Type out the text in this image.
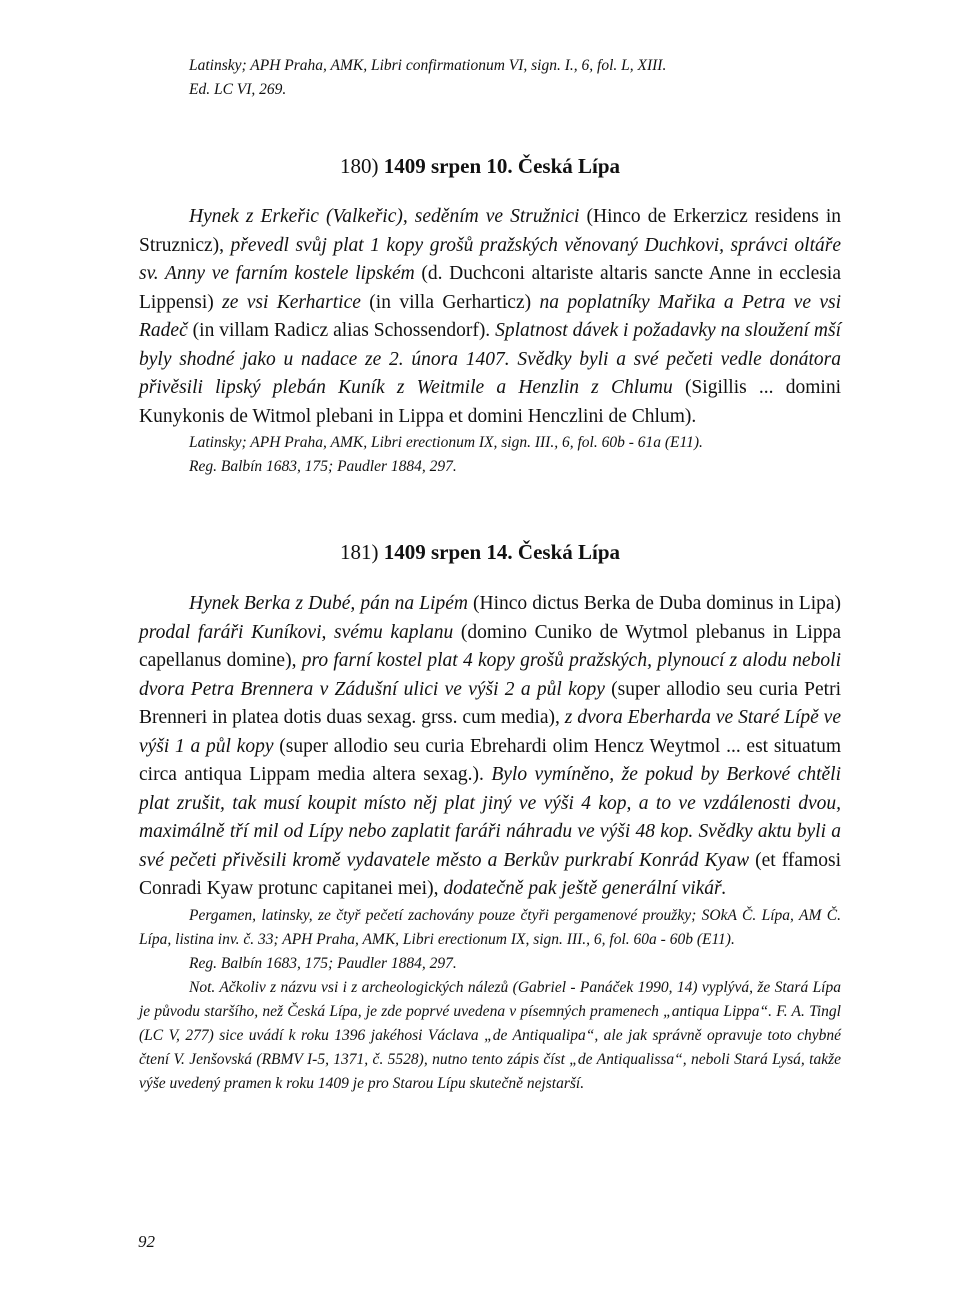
Latinsky; APH Praha, AMK, Libri confirmationum VI, sign. I., 6, fol. L, XIII.
Ed. LC VI, 269.
180) 1409 srpen 10. Česká Lípa

Hynek z Erkeřic (Valkeřic), seděním ve Stružnici (Hinco de Erkerzicz residens in Struznicz), převedl svůj plat 1 kopy grošů pražských věnovaný Duchkovi, správci oltáře sv. Anny ve farním kostele lipském (d. Duchconi altariste altaris sancte Anne in ecclesia Lippensi) ze vsi Kerhartice (in villa Gerharticz) na poplatníky Mařika a Petra ve vsi Radeč (in villam Radicz alias Schossendorf). Splatnost dávek i požadavky na sloužení mší byly shodné jako u nadace ze 2. února 1407. Svědky byli a své pečeti vedle donátora přivěsili lipský plebán Kuník z Weitmile a Henzlin z Chlumu (Sigillis ... domini Kunykonis de Witmol plebani in Lippa et domini Henczlini de Chlum).

Latinsky; APH Praha, AMK, Libri erectionum IX, sign. III., 6, fol. 60b - 61a (E11).

Reg. Balbín 1683, 175; Paudler 1884, 297.

181) 1409 srpen 14. Česká Lípa

Hynek Berka z Dubé, pán na Lipém (Hinco dictus Berka de Duba dominus in Lipa) prodal faráři Kuníkovi, svému kaplanu (domino Cuniko de Wytmol plebanus in Lippa capellanus domine), pro farní kostel plat 4 kopy grošů pražských, plynoucí z alodu neboli dvora Petra Brennera v Zádušní ulici ve výši 2 a půl kopy (super allodio seu curia Petri Brenneri in platea dotis duas sexag. grss. cum media), z dvora Eberharda ve Staré Lípě ve výši 1 a půl kopy (super allodio seu curia Ebrehardi olim Hencz Weytmol ... est situatum circa antiqua Lippam media altera sexag.). Bylo vymíněno, že pokud by Berkové chtěli plat zrušit, tak musí koupit místo něj plat jiný ve výši 4 kop, a to ve vzdálenosti dvou, maximálně tří mil od Lípy nebo zaplatit faráři náhradu ve výši 48 kop. Svědky aktu byli a své pečeti přivěsili kromě vydavatele město a Berkův purkrabí Konrád Kyaw (et ffamosi Conradi Kyaw protunc capitanei mei), dodatečně pak ještě generální vikář.

Pergamen, latinsky, ze čtyř pečetí zachovány pouze čtyři pergamenové proužky; SOkA Č. Lípa, AM Č. Lípa, listina inv. č. 33; APH Praha, AMK, Libri erectionum IX, sign. III., 6, fol. 60a - 60b (E11).

Reg. Balbín 1683, 175; Paudler 1884, 297.

Not. Ačkoliv z názvu vsi i z archeologických nálezů (Gabriel - Panáček 1990, 14) vyplývá, že Stará Lípa je původu staršího, než Česká Lípa, je zde poprvé uvedena v písemných pramenech „antiqua Lippa“. F. A. Tingl (LC V, 277) sice uvádí k roku 1396 jakéhosi Václava „de Antiqualipa“, ale jak správně opravuje toto chybné čtení V. Jenšovská (RBMV I-5, 1371, č. 5528), nutno tento zápis číst „de Antiqualissa“, neboli Stará Lysá, takže výše uvedený pramen k roku 1409 je pro Starou Lípu skutečně nejstarší.

92
